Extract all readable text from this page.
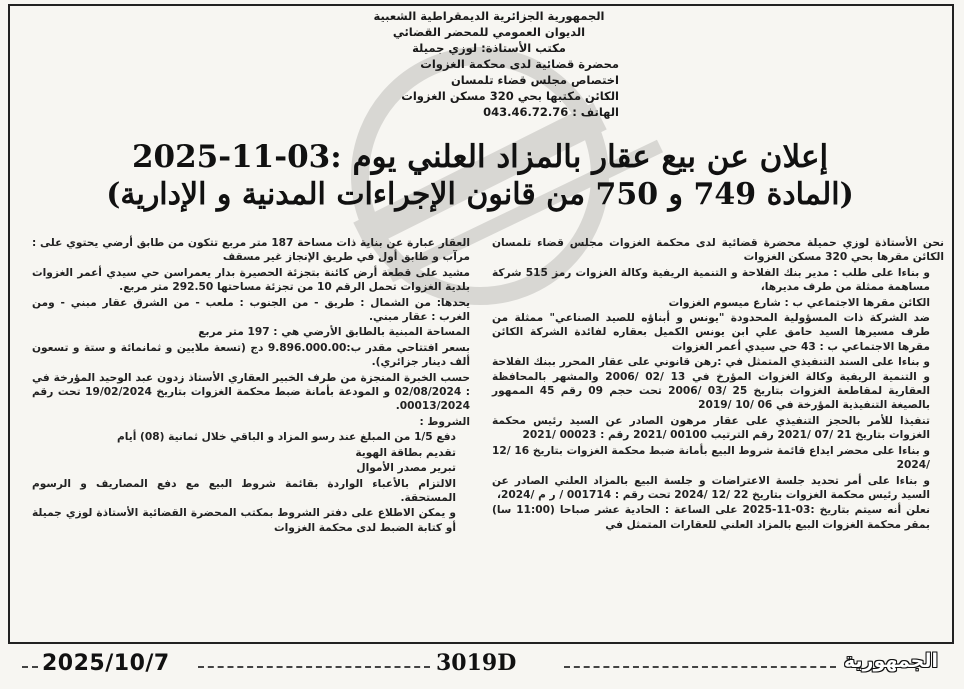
الجمهورية الجزائرية الديمقراطية الشعبية
الديوان العمومي للمحضر القضائي
مكتب الأستاذة: لوزي جميلة
محضرة قضائية لدى محكمة الغزوات
اختصاص مجلس قضاء تلمسان
الكائن مكتبها بحي 320 مسكن الغزوات
الهاتف : 043.46.72.76
إعلان عن بيع عقار بالمزاد العلني يوم :03-11-2025
(المادة 749 و 750 من قانون الإجراءات المدنية و الإدارية)

نحن الأستاذة لوزي حميلة محضرة قضائية لدى محكمة الغزوات مجلس قضاء تلمسان الكائن مقرها بحي 320 مسكن الغزوات

و بناءا على طلب : مدير بنك الفلاحة و التنمية الريفية وكالة الغزوات رمز 515 شركة مساهمة ممثلة من طرف مديرها،

الكائن مقرها الاجتماعي ب : شارع ميسوم الغزوات

ضد الشركة ذات المسؤولية المحدودة "يونس و أبناؤه للصيد الصناعي" ممثلة من طرف مسيرها السيد حامق علي ابن يونس الكميل بعقاره لفائدة الشركة الكائن مقرها الاجتماعي ب : 43 حي سيدي أعمر الغزوات

و بناءا على السند التنفيذي المتمثل في :رهن قانوني على عقار المحرر ببنك الفلاحة و التنمية الريفية وكالة الغزوات المؤرخ في 13 /02 /2006 والمشهر بالمحافظة العقارية لمقاطعة الغزوات بتاريخ 25 /03 /2006 تحت حجم 09 رقم 45 الممهور بالصيغة التنفيذية المؤرخة في 06 /10 /2019

تنفيذا للأمر بالحجز التنفيذي على عقار مرهون الصادر عن السيد رئيس محكمة الغزوات بتاريخ 21 /07 /2021 رقم الترتيب 00100 /2021 رقم : 00023 /2021

و بناءا على محضر ايداع قائمة شروط البيع بأمانة ضبط محكمة الغزوات بتاريخ 16 /12 /2024

و بناءا على أمر تحديد جلسة الاعتراضات و جلسة البيع بالمزاد العلني الصادر عن السيد رئيس محكمة الغزوات بتاريخ 22 /12 /2024 تحت رقم : 001714 / ر م /2024،

نعلن أنه سيتم بتاريخ :03-11-2025 على الساعة : الحادية عشر صباحا (11:00 سا) بمقر محكمة الغزوات البيع بالمزاد العلني للعقارات المتمثل في

العقار عبارة عن بناية ذات مساحة 187 متر مربع تتكون من طابق أرضي يحتوي على : مرآب و طابق أول في طريق الإنجاز غير مسقف

مشيد على قطعة أرض كائنة بتجزئة الحصيرة بدار يعمراسن حي سيدي أعمر الغزوات بلدية الغزوات تحمل الرقم 10 من تجزئة مساحتها 292.50 متر مربع.

يحدها: من الشمال : طريق - من الجنوب : ملعب - من الشرق عقار مبني - ومن الغرب : عقار مبني.

المساحة المبنية بالطابق الأرضي هي : 197 متر مربع

بسعر افتتاحي مقدر ب:9.896.000.00 دج (تسعة ملايين و ثمانمائة و ستة و تسعون ألف دينار جزائري).

حسب الخبرة المنجزة من طرف الخبير العقاري الأستاذ زدون عبد الوحيد المؤرخة في : 02/08/2024 و المودعة بأمانة ضبط محكمة الغزوات بتاريخ 19/02/2024 تحت رقم 00013/2024.

الشروط :

دفع 1/5 من المبلغ عند رسو المزاد و الباقي خلال ثمانية (08) أيام

تقديم بطاقة الهوية

تبرير مصدر الأموال

الالتزام بالأعباء الواردة بقائمة شروط البيع مع دفع المصاريف و الرسوم المستحقة.

و يمكن الاطلاع على دفتر الشروط بمكتب المحضرة القضائية الأستاذة لوزي جميلة أو كتابة الضبط لدى محكمة الغزوات

2025/10/7	3019D	الجمهورية
